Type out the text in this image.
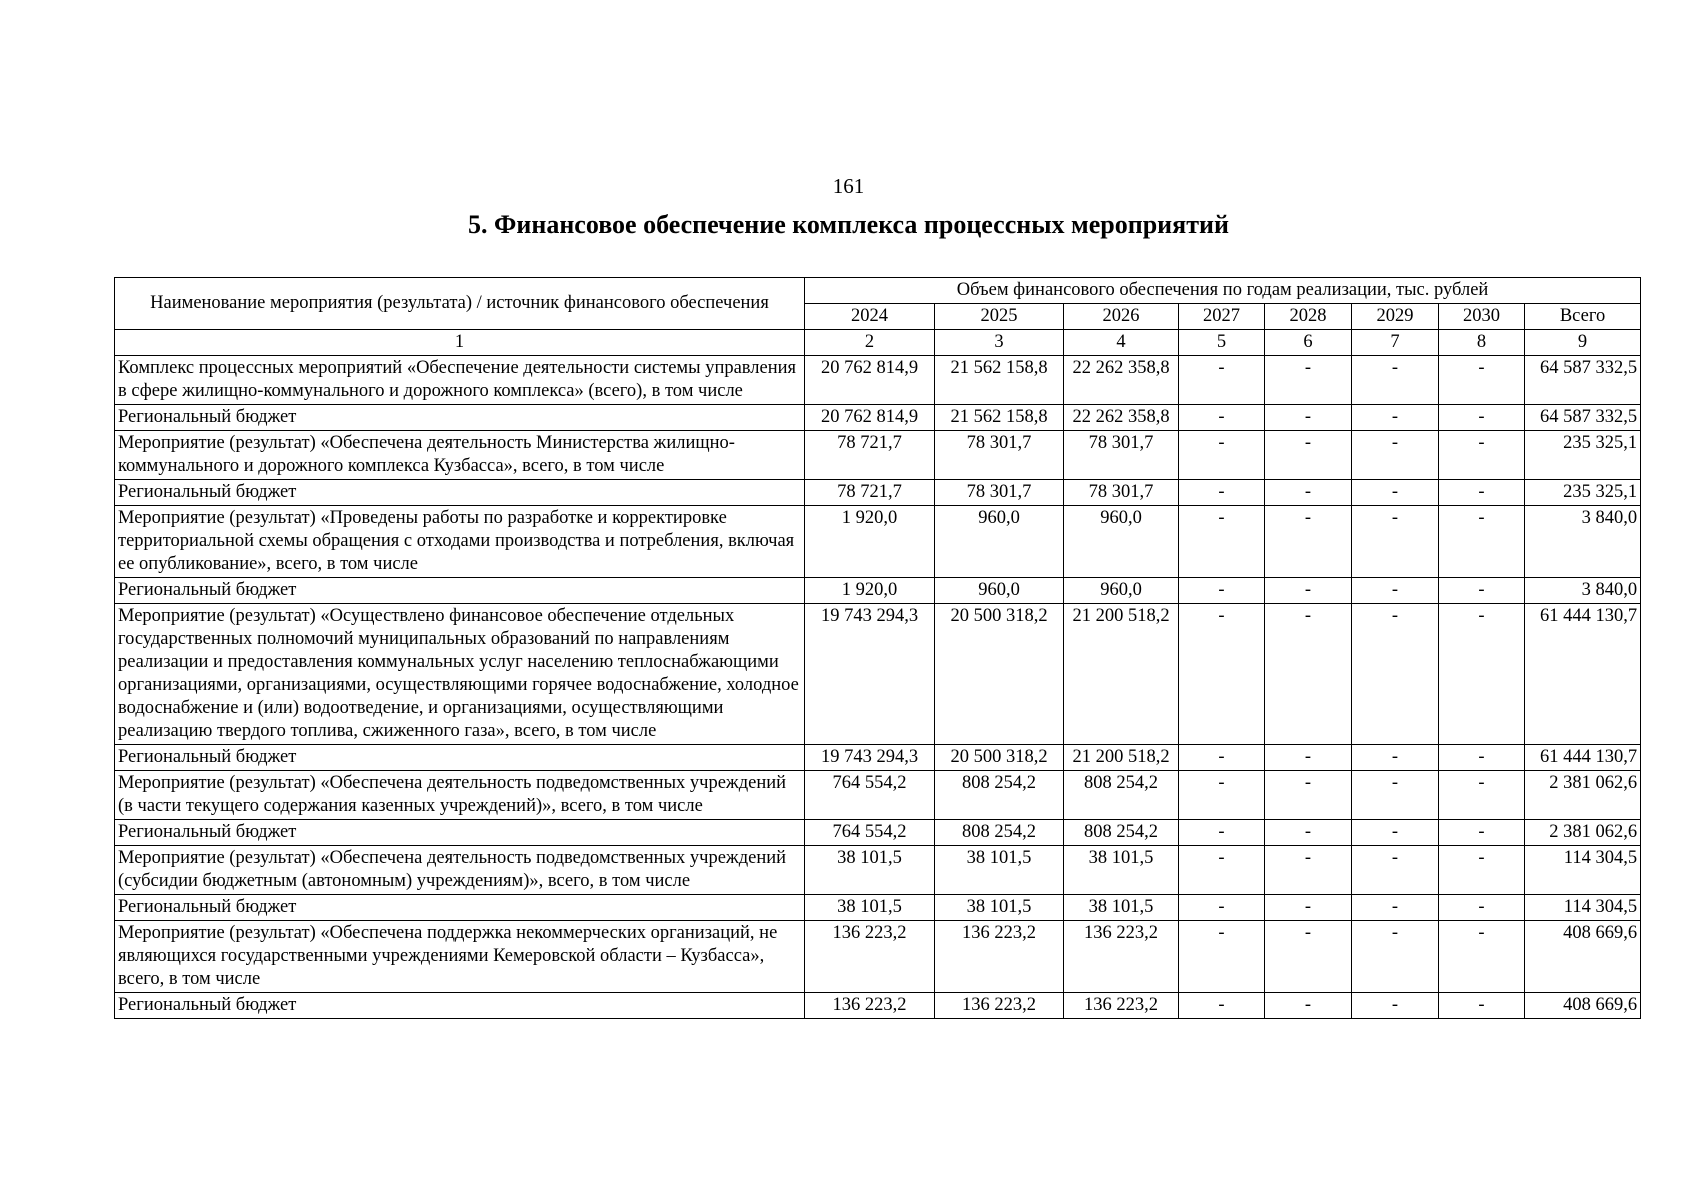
161
5. Финансовое обеспечение комплекса процессных мероприятий
Наименование мероприятия (результата) / источник финансового обеспечения	Объем финансового обеспечения по годам реализации, тыс. рублей							
	2024	2025	2026	2027	2028	2029	2030	Всего
1	2	3	4	5	6	7	8	9
Комплекс процессных мероприятий «Обеспечение деятельности системы управления в сфере жилищно-коммунального и дорожного комплекса» (всего), в том числе	20 762 814,9	21 562 158,8	22 262 358,8	-	-	-	-	64 587 332,5
Региональный бюджет	20 762 814,9	21 562 158,8	22 262 358,8	-	-	-	-	64 587 332,5
Мероприятие (результат) «Обеспечена деятельность Министерства жилищно-коммунального и дорожного комплекса Кузбасса», всего, в том числе	78 721,7	78 301,7	78 301,7	-	-	-	-	235 325,1
Региональный бюджет	78 721,7	78 301,7	78 301,7	-	-	-	-	235 325,1
Мероприятие (результат) «Проведены работы по разработке и корректировке территориальной схемы обращения с отходами производства и потребления, включая ее опубликование», всего, в том числе	1 920,0	960,0	960,0	-	-	-	-	3 840,0
Региональный бюджет	1 920,0	960,0	960,0	-	-	-	-	3 840,0
Мероприятие (результат) «Осуществлено финансовое обеспечение отдельных государственных полномочий муниципальных образований по направлениям реализации и предоставления коммунальных услуг населению теплоснабжающими организациями, организациями, осуществляющими горячее водоснабжение, холодное водоснабжение и (или) водоотведение, и организациями, осуществляющими реализацию твердого топлива, сжиженного газа», всего, в том числе	19 743 294,3	20 500 318,2	21 200 518,2	-	-	-	-	61 444 130,7
Региональный бюджет	19 743 294,3	20 500 318,2	21 200 518,2	-	-	-	-	61 444 130,7
Мероприятие (результат) «Обеспечена деятельность подведомственных учреждений (в части текущего содержания казенных учреждений)», всего, в том числе	764 554,2	808 254,2	808 254,2	-	-	-	-	2 381 062,6
Региональный бюджет	764 554,2	808 254,2	808 254,2	-	-	-	-	2 381 062,6
Мероприятие (результат) «Обеспечена деятельность подведомственных учреждений (субсидии бюджетным (автономным) учреждениям)», всего, в том числе	38 101,5	38 101,5	38 101,5	-	-	-	-	114 304,5
Региональный бюджет	38 101,5	38 101,5	38 101,5	-	-	-	-	114 304,5
Мероприятие (результат) «Обеспечена поддержка некоммерческих организаций, не являющихся государственными учреждениями Кемеровской области – Кузбасса», всего, в том числе	136 223,2	136 223,2	136 223,2	-	-	-	-	408 669,6
Региональный бюджет	136 223,2	136 223,2	136 223,2	-	-	-	-	408 669,6
